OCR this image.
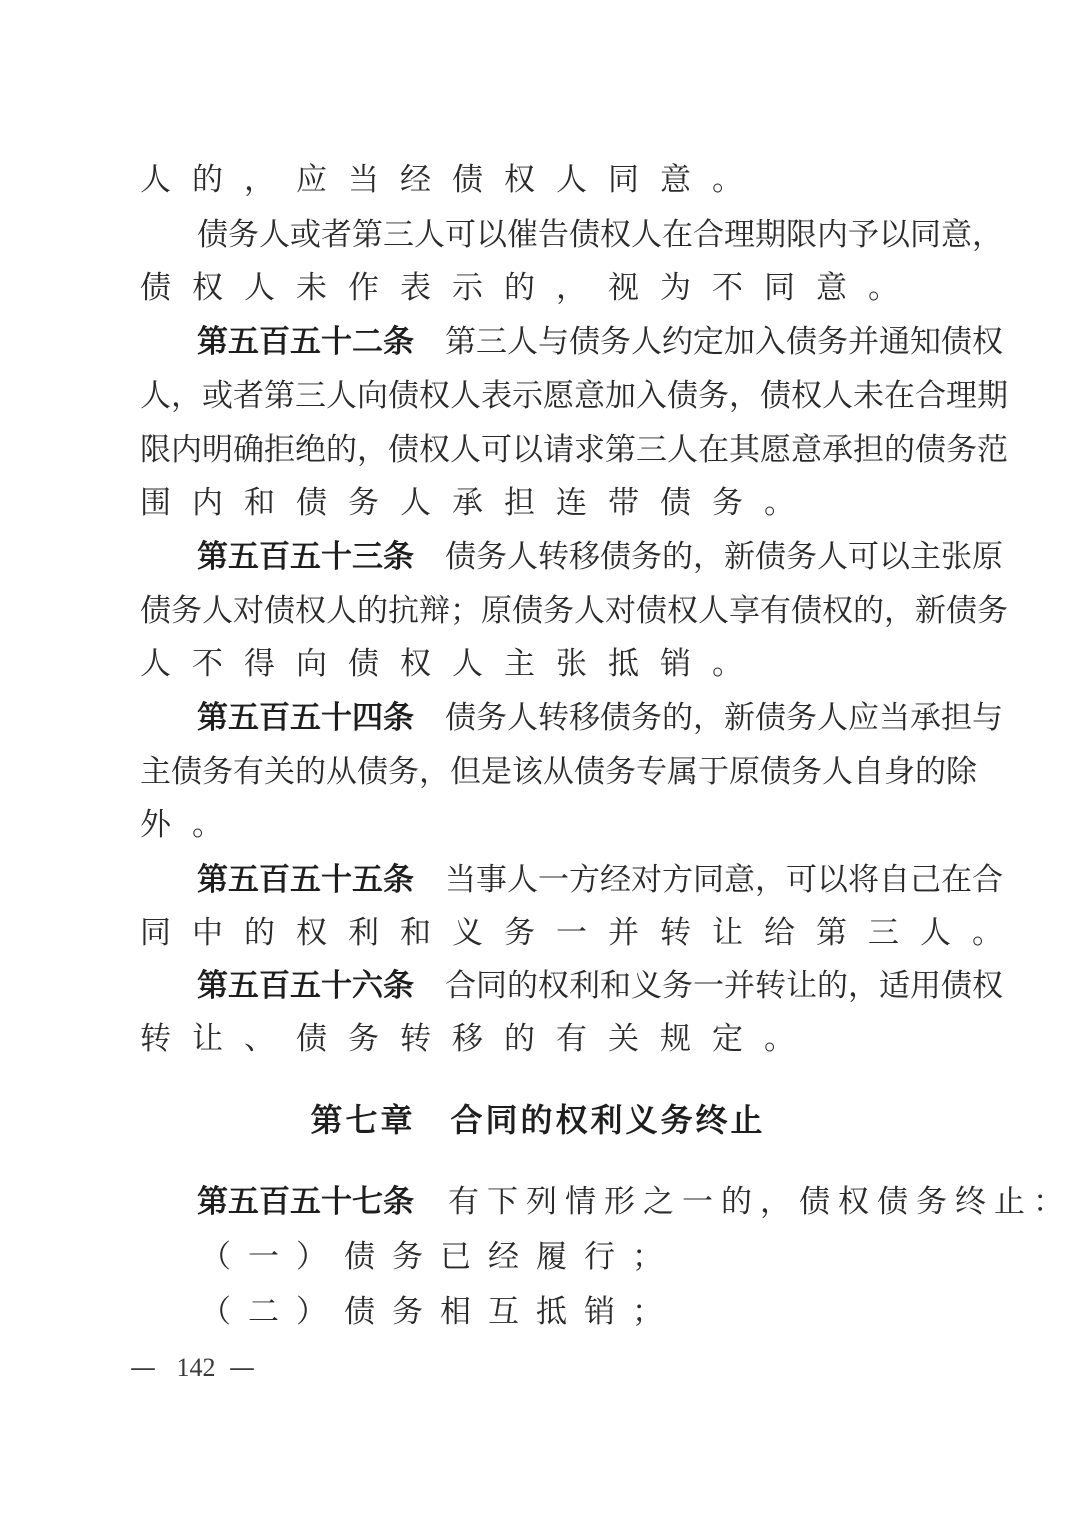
人的，应当经债权人同意。
债务人或者第三人可以催告债权人在合理期限内予以同意，
债权人未作表示的，视为不同意。
第五百五十二条　 第三人与债务人约定加入债务并通知债权
人，或者第三人向债权人表示愿意加入债务，债权人未在合理期
限内明确拒绝的，债权人可以请求第三人在其愿意承担的债务范
围内和债务人承担连带债务。
第五百五十三条　 债务人转移债务的，新债务人可以主张原
债务人对债权人的抗辩；原债务人对债权人享有债权的，新债务
人不得向债权人主张抵销。
第五百五十四条　 债务人转移债务的，新债务人应当承担与
主债务有关的从债务，但是该从债务专属于原债务人自身的除
外。
第五百五十五条　 当事人一方经对方同意，可以将自己在合
同中的权利和义务一并转让给第三人。
第五百五十六条　 合同的权利和义务一并转让的，适用债权
转让、债务转移的有关规定。
第七章　合同的权利义务终止
第五百五十七条 有下列情形之一的，债权债务终止：
（一）债务已经履行；
（二）债务相互抵销；
— 142 —
